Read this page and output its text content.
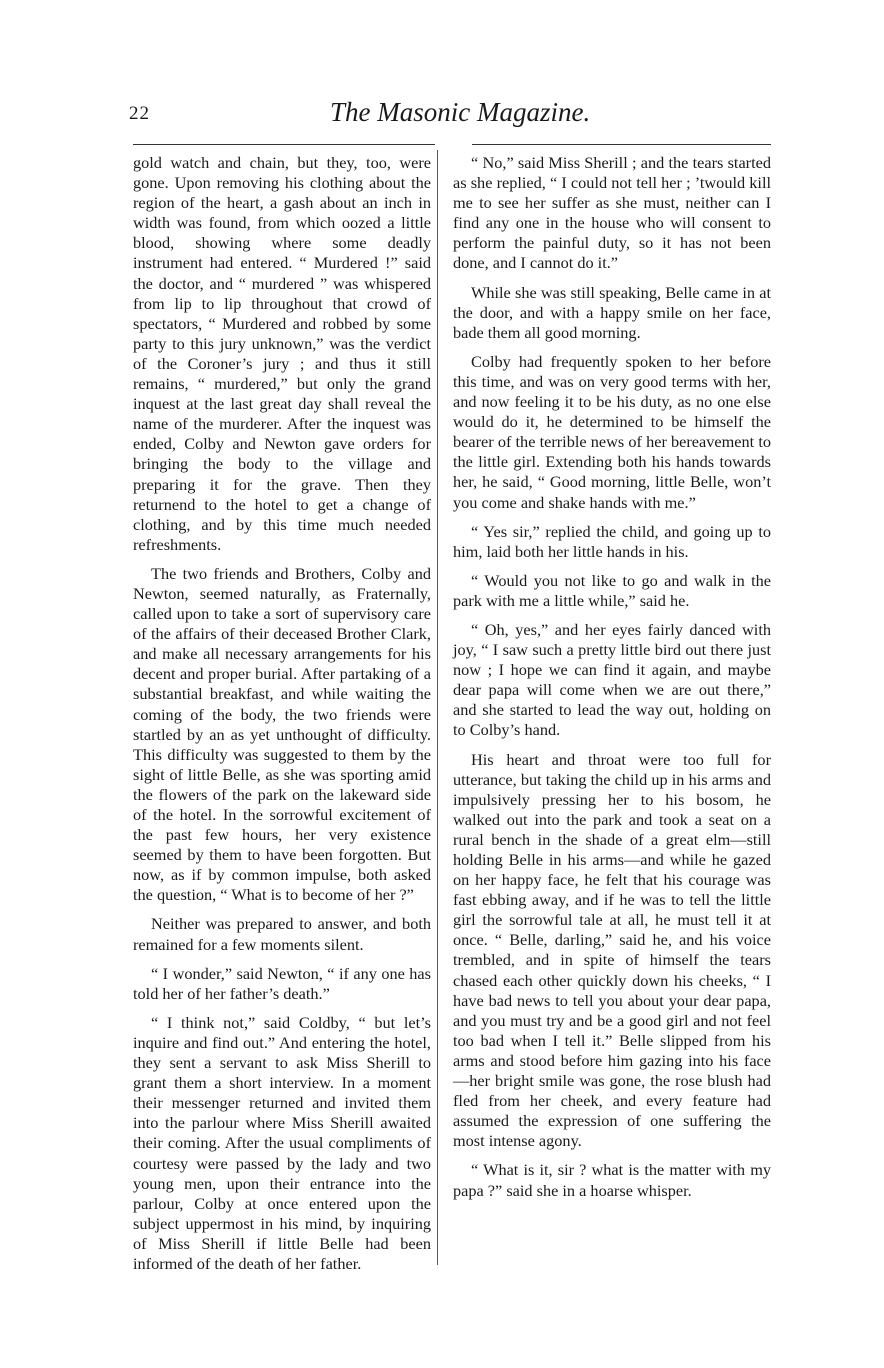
22	The Masonic Magazine.

gold watch and chain, but they, too, were gone. Upon removing his clothing about the region of the heart, a gash about an inch in width was found, from which oozed a little blood, showing where some deadly instrument had entered. “ Murdered !” said the doctor, and “ murdered ” was whispered from lip to lip throughout that crowd of spectators, “ Murdered and robbed by some party to this jury unknown,” was the verdict of the Coroner’s jury ; and thus it still remains, “ murdered,” but only the grand inquest at the last great day shall reveal the name of the murderer. After the inquest was ended, Colby and Newton gave orders for bringing the body to the village and preparing it for the grave. Then they returnend to the hotel to get a change of clothing, and by this time much needed refreshments.

The two friends and Brothers, Colby and Newton, seemed naturally, as Fraternally, called upon to take a sort of supervisory care of the affairs of their deceased Brother Clark, and make all necessary arrangements for his decent and proper burial. After partaking of a substantial breakfast, and while waiting the coming of the body, the two friends were startled by an as yet unthought of difficulty. This difficulty was suggested to them by the sight of little Belle, as she was sporting amid the flowers of the park on the lakeward side of the hotel. In the sorrowful excitement of the past few hours, her very existence seemed by them to have been forgotten. But now, as if by common impulse, both asked the question, “ What is to become of her ?”

Neither was prepared to answer, and both remained for a few moments silent.

“ I wonder,” said Newton, “ if any one has told her of her father’s death.”

“ I think not,” said Coldby, “ but let’s inquire and find out.” And entering the hotel, they sent a servant to ask Miss Sherill to grant them a short interview. In a moment their messenger returned and invited them into the parlour where Miss Sherill awaited their coming. After the usual compliments of courtesy were passed by the lady and two young men, upon their entrance into the parlour, Colby at once entered upon the subject uppermost in his mind, by inquiring of Miss Sherill if little Belle had been informed of the death of her father.

“ No,” said Miss Sherill ; and the tears started as she replied, “ I could not tell her ; ’twould kill me to see her suffer as she must, neither can I find any one in the house who will consent to perform the painful duty, so it has not been done, and I cannot do it.”

While she was still speaking, Belle came in at the door, and with a happy smile on her face, bade them all good morning.

Colby had frequently spoken to her before this time, and was on very good terms with her, and now feeling it to be his duty, as no one else would do it, he determined to be himself the bearer of the terrible news of her bereavement to the little girl. Extending both his hands towards her, he said, “ Good morning, little Belle, won’t you come and shake hands with me.”

“ Yes sir,” replied the child, and going up to him, laid both her little hands in his.

“ Would you not like to go and walk in the park with me a little while,” said he.

“ Oh, yes,” and her eyes fairly danced with joy, “ I saw such a pretty little bird out there just now ; I hope we can find it again, and maybe dear papa will come when we are out there,” and she started to lead the way out, holding on to Colby’s hand.

His heart and throat were too full for utterance, but taking the child up in his arms and impulsively pressing her to his bosom, he walked out into the park and took a seat on a rural bench in the shade of a great elm—still holding Belle in his arms—and while he gazed on her happy face, he felt that his courage was fast ebbing away, and if he was to tell the little girl the sorrowful tale at all, he must tell it at once. “ Belle, darling,” said he, and his voice trembled, and in spite of himself the tears chased each other quickly down his cheeks, “ I have bad news to tell you about your dear papa, and you must try and be a good girl and not feel too bad when I tell it.” Belle slipped from his arms and stood before him gazing into his face—her bright smile was gone, the rose blush had fled from her cheek, and every feature had assumed the expression of one suffering the most intense agony.

“ What is it, sir ? what is the matter with my papa ?” said she in a hoarse whisper.
